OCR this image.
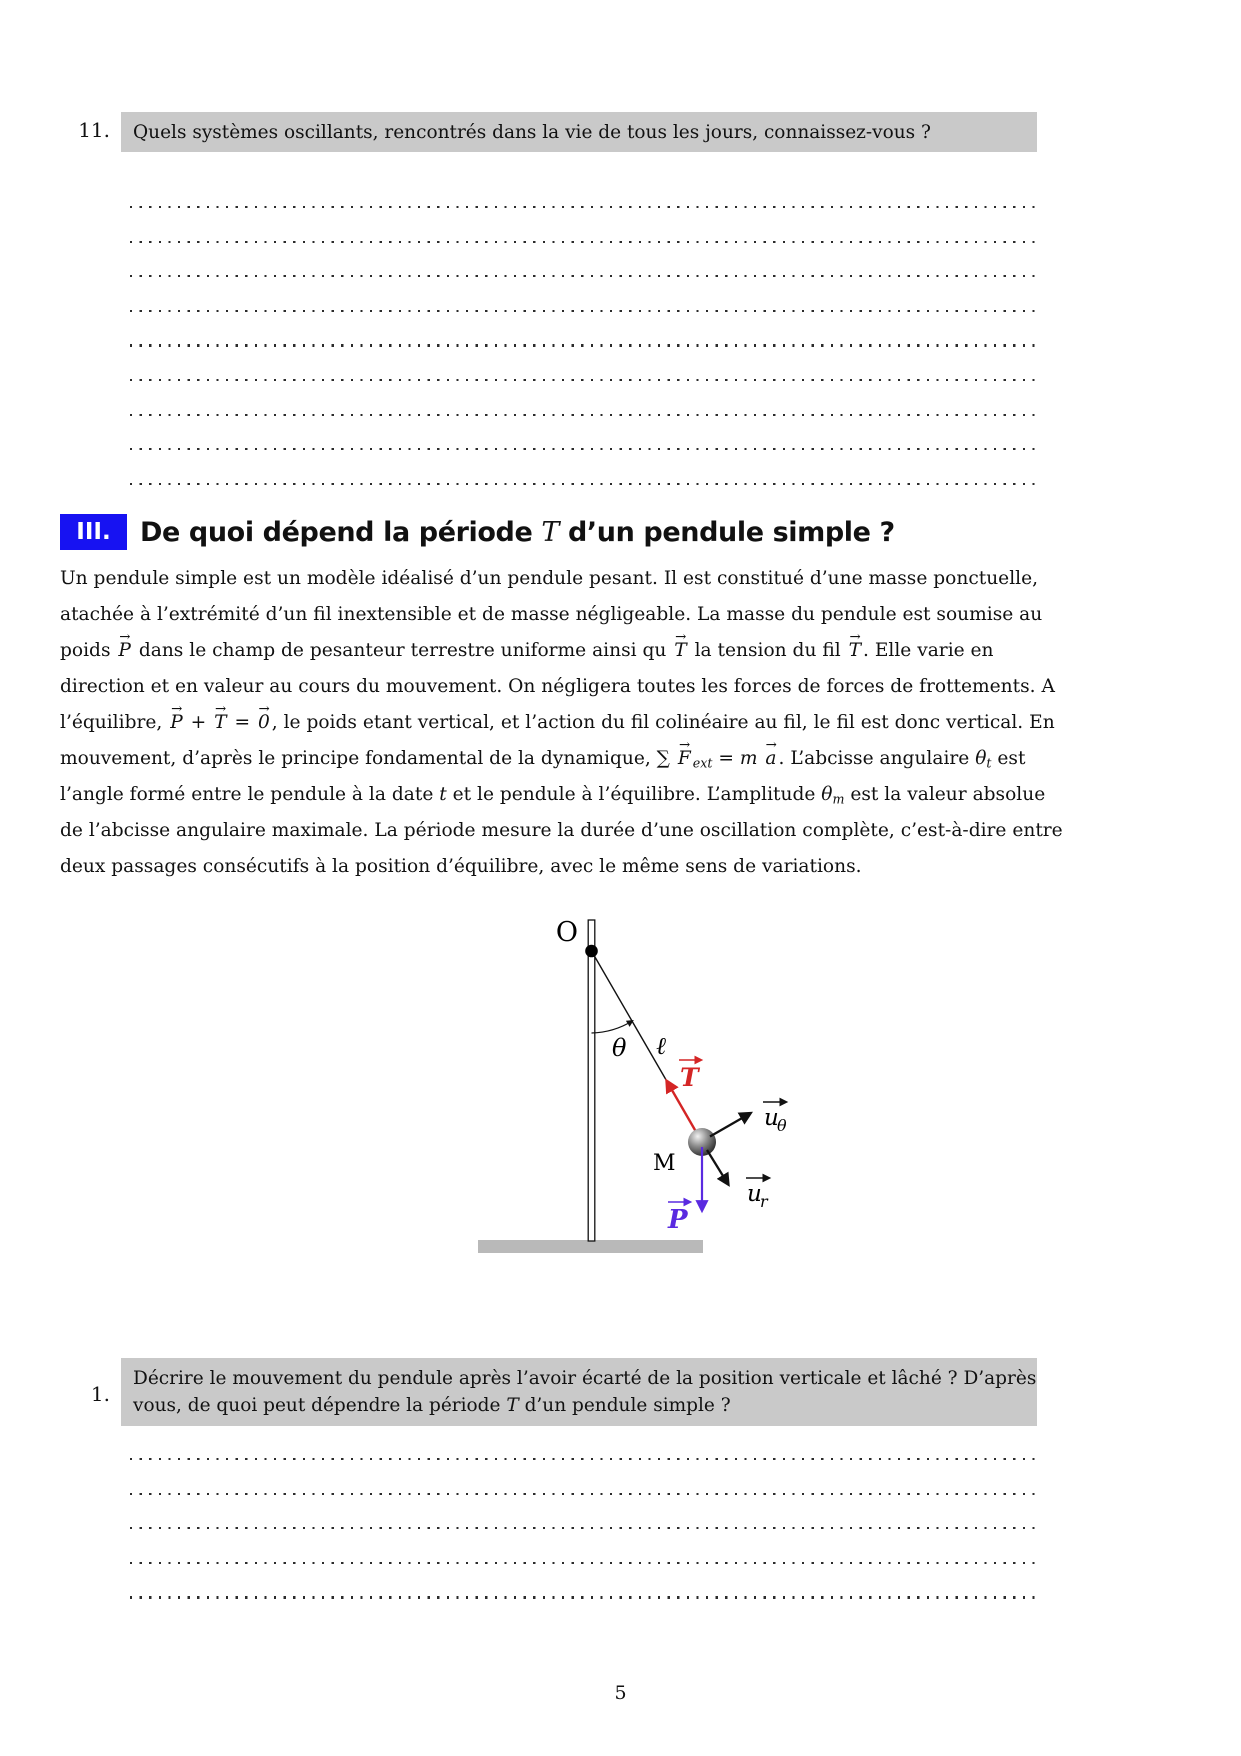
11. Quels systèmes oscillants, rencontrés dans la vie de tous les jours, connaissez-vous ?
III.	De quoi dépend la période T d’un pendule simple ?
Un pendule simple est un modèle idéalisé d’un pendule pesant. Il est constitué d’une masse ponctuelle,
atachée à l’extrémité d’un fil inextensible et de masse négligeable. La masse du pendule est soumise au
poids → P dans le champ de pesanteur terrestre uniforme ainsi qu → T la tension du fil → T . Elle varie en
direction et en valeur au cours du mouvement. On négligera toutes les forces de forces de frottements. A
l’équilibre, → P + → T = → 0 , le poids etant vertical, et l’action du fil colinéaire au fil, le fil est donc vertical. En
mouvement, d’après le principe fondamental de la dynamique, ∑ → F ext = m → a . L’abcisse angulaire θt est
l’angle formé entre le pendule à la date t et le pendule à l’équilibre. L’amplitude θm est la valeur absolue
de l’abcisse angulaire maximale. La période mesure la durée d’une oscillation complète, c’est-à-dire entre
deux passages consécutifs à la position d’équilibre, avec le même sens de variations.
O
θ ℓ
T
M
u
θ
u
r
P
1.
Décrire le mouvement du pendule après l’avoir écarté de la position verticale et lâché ? D’après
vous, de quoi peut dépendre la période T d’un pendule simple ?
5
